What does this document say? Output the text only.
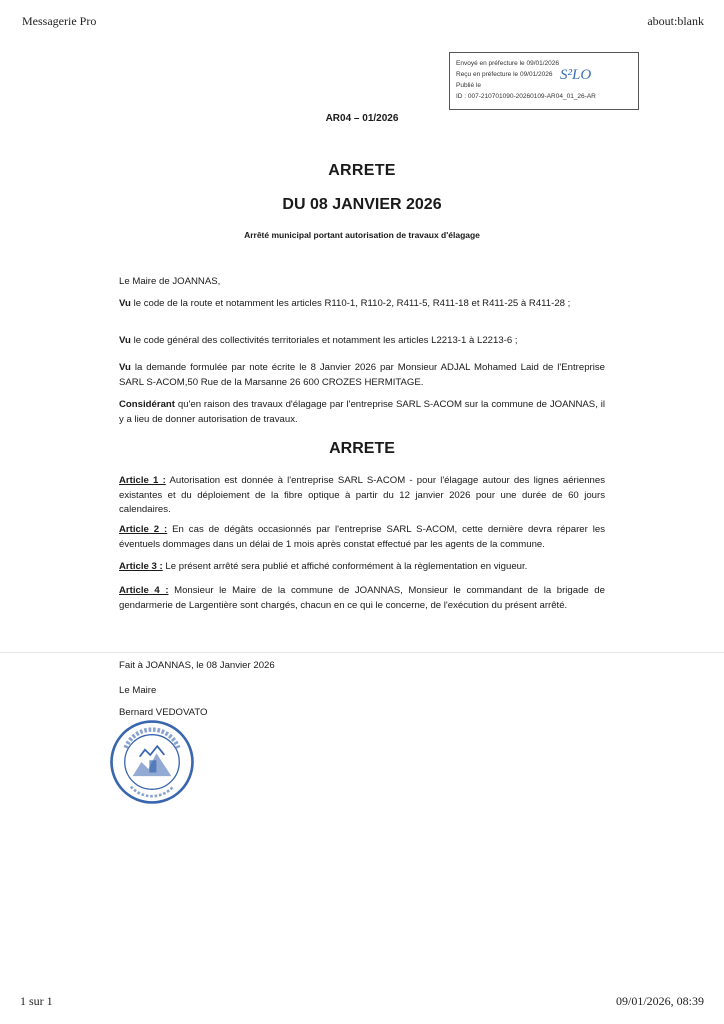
Messagerie Pro	about:blank
Envoyé en préfecture le 09/01/2026
Reçu en préfecture le 09/01/2026
Publié le
ID : 007-210701090-20260109-AR04_01_26-AR
S²LO
AR04 – 01/2026
ARRETE
DU 08 JANVIER 2026
Arrêté municipal portant autorisation de travaux d'élagage
Le Maire de JOANNAS,
Vu le code de la route et notamment les articles R110-1, R110-2, R411-5, R411-18 et R411-25 à R411-28 ;
Vu le code général des collectivités territoriales et notamment les articles L2213-1 à L2213-6 ;
Vu la demande formulée par note écrite le 8 Janvier 2026 par Monsieur ADJAL Mohamed Laid de l'Entreprise SARL S-ACOM,50 Rue de la Marsanne 26 600 CROZES HERMITAGE.
Considérant qu'en raison des travaux d'élagage par l'entreprise SARL S-ACOM sur la commune de JOANNAS, il y a lieu de donner autorisation de travaux.
ARRETE
Article 1 : Autorisation est donnée à l'entreprise SARL S-ACOM - pour l'élagage autour des lignes aériennes existantes et du déploiement de la fibre optique à partir du 12 janvier 2026 pour une durée de 60 jours calendaires.
Article 2 : En cas de dégâts occasionnés par l'entreprise SARL S-ACOM, cette dernière devra réparer les éventuels dommages dans un délai de 1 mois après constat effectué par les agents de la commune.
Article 3 : Le présent arrêté sera publié et affiché conformément à la règlementation en vigueur.
Article 4 : Monsieur le Maire de la commune de JOANNAS, Monsieur le commandant de la brigade de gendarmerie de Largentière sont chargés, chacun en ce qui le concerne, de l'exécution du présent arrêté.
Fait à JOANNAS, le 08 Janvier 2026
Le Maire
Bernard VEDOVATO
1 sur 1	09/01/2026, 08:39
